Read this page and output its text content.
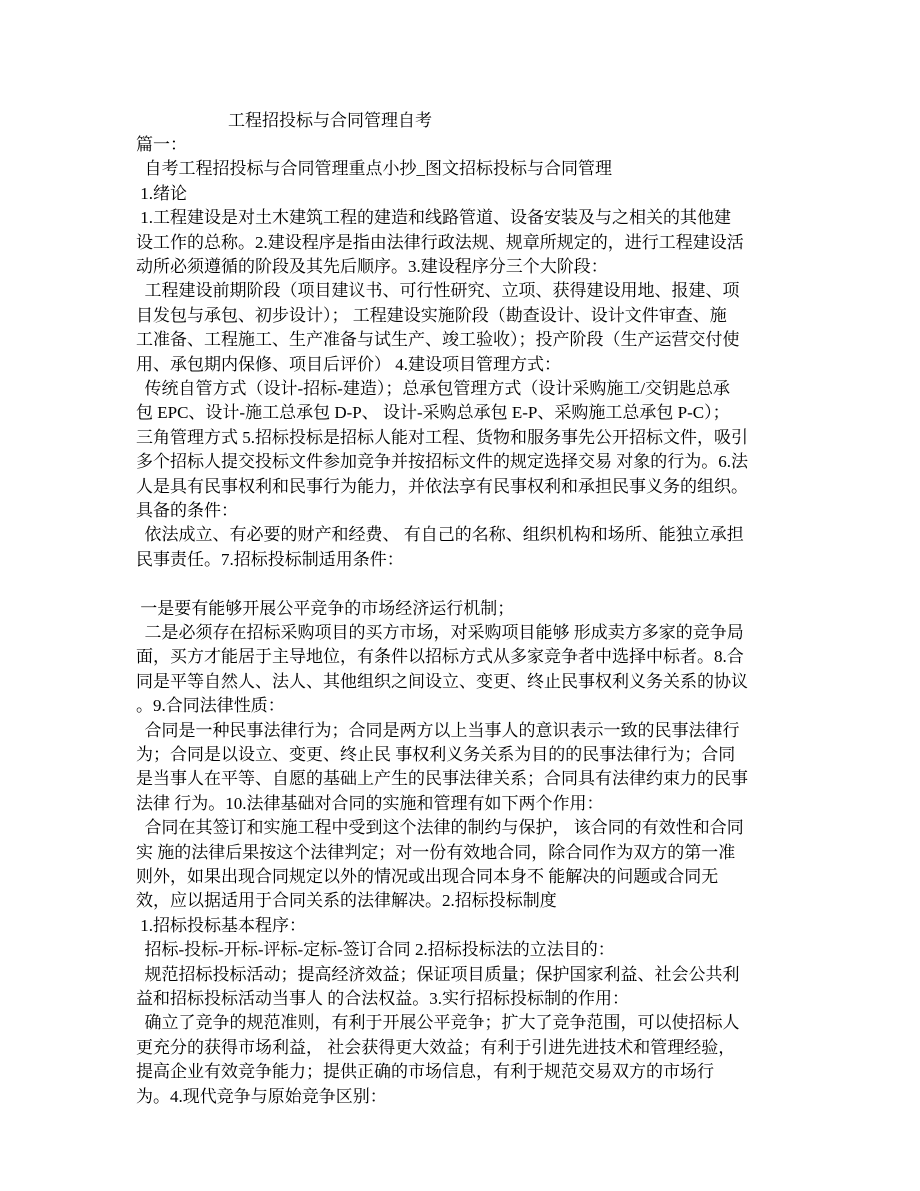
工程招投标与合同管理自考
篇一：
自考工程招投标与合同管理重点小抄_图文招标投标与合同管理
1.绪论
1.工程建设是对土木建筑工程的建造和线路管道、设备安装及与之相关的其他建
设工作的总称。2.建设程序是指由法律行政法规、规章所规定的，进行工程建设活
动所必须遵循的阶段及其先后顺序。3.建设程序分三个大阶段：
工程建设前期阶段（项目建议书、可行性研究、立项、获得建设用地、报建、项
目发包与承包、初步设计）； 工程建设实施阶段（勘查设计、设计文件审查、施
工准备、工程施工、生产准备与试生产、竣工验收）；投产阶段（生产运营交付使
用、承包期内保修、项目后评价） 4.建设项目管理方式：
传统自管方式（设计-招标-建造）；总承包管理方式（设计采购施工/交钥匙总承
包 EPC、设计-施工总承包 D-P、 设计-采购总承包 E-P、采购施工总承包 P-C）；
三角管理方式 5.招标投标是招标人能对工程、货物和服务事先公开招标文件，吸引
多个招标人提交投标文件参加竞争并按招标文件的规定选择交易 对象的行为。6.法
人是具有民事权利和民事行为能力，并依法享有民事权利和承担民事义务的组织。
具备的条件：
依法成立、有必要的财产和经费、 有自己的名称、组织机构和场所、能独立承担
民事责任。7.招标投标制适用条件：
一是要有能够开展公平竞争的市场经济运行机制；
二是必须存在招标采购项目的买方市场，对采购项目能够 形成卖方多家的竞争局
面，买方才能居于主导地位，有条件以招标方式从多家竞争者中选择中标者。8.合
同是平等自然人、法人、其他组织之间设立、变更、终止民事权利义务关系的协议
。9.合同法律性质：
合同是一种民事法律行为；合同是两方以上当事人的意识表示一致的民事法律行
为；合同是以设立、变更、终止民 事权利义务关系为目的的民事法律行为；合同
是当事人在平等、自愿的基础上产生的民事法律关系；合同具有法律约束力的民事
法律 行为。10.法律基础对合同的实施和管理有如下两个作用：
合同在其签订和实施工程中受到这个法律的制约与保护， 该合同的有效性和合同
实 施的法律后果按这个法律判定；对一份有效地合同，除合同作为双方的第一准
则外，如果出现合同规定以外的情况或出现合同本身不 能解决的问题或合同无
效，应以据适用于合同关系的法律解决。2.招标投标制度
1.招标投标基本程序：
招标-投标-开标-评标-定标-签订合同 2.招标投标法的立法目的：
规范招标投标活动；提高经济效益；保证项目质量；保护国家利益、社会公共利
益和招标投标活动当事人 的合法权益。3.实行招标投标制的作用：
确立了竞争的规范准则，有利于开展公平竞争；扩大了竞争范围，可以使招标人
更充分的获得市场利益， 社会获得更大效益；有利于引进先进技术和管理经验，
提高企业有效竞争能力；提供正确的市场信息，有利于规范交易双方的市场行
为。4.现代竞争与原始竞争区别：
